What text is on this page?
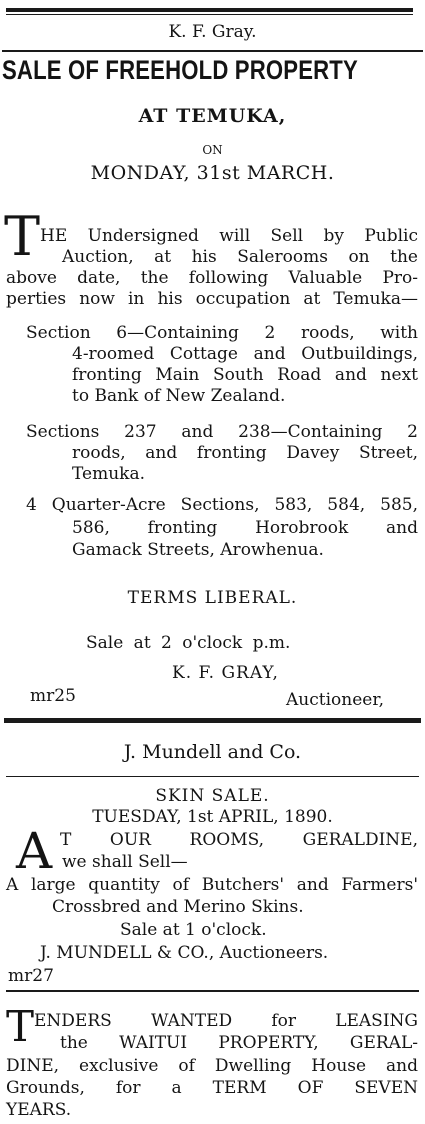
K. F. Gray.
SALE OF FREEHOLD PROPERTY
AT TEMUKA,
ON
MONDAY, 31st MARCH.
T HE Undersigned will Sell by Public
Auction, at his Salerooms on the
above date, the following Valuable Pro-
perties now in his occupation at Temuka—
Section 6—Containing 2 roods, with
4-roomed Cottage and Outbuildings,
fronting Main South Road and next
to Bank of New Zealand.
Sections 237 and 238—Containing 2
roods, and fronting Davey Street,
Temuka.
4 Quarter-Acre Sections, 583, 584, 585,
586, fronting Horobrook and
Gamack Streets, Arowhenua.
TERMS LIBERAL.
Sale at 2 o'clock p.m.
K. F. GRAY,
mr25	Auctioneer,
J. Mundell and Co.
SKIN SALE.
TUESDAY, 1st APRIL, 1890.
A T OUR ROOMS, GERALDINE,
we shall Sell—
A large quantity of Butchers' and Farmers'
Crossbred and Merino Skins.
Sale at 1 o'clock.
J. MUNDELL & CO., Auctioneers.
mr27
T ENDERS WANTED for LEASING
the WAITUI PROPERTY, GERAL-
DINE, exclusive of Dwelling House and
Grounds, for a TERM OF SEVEN
YEARS.
